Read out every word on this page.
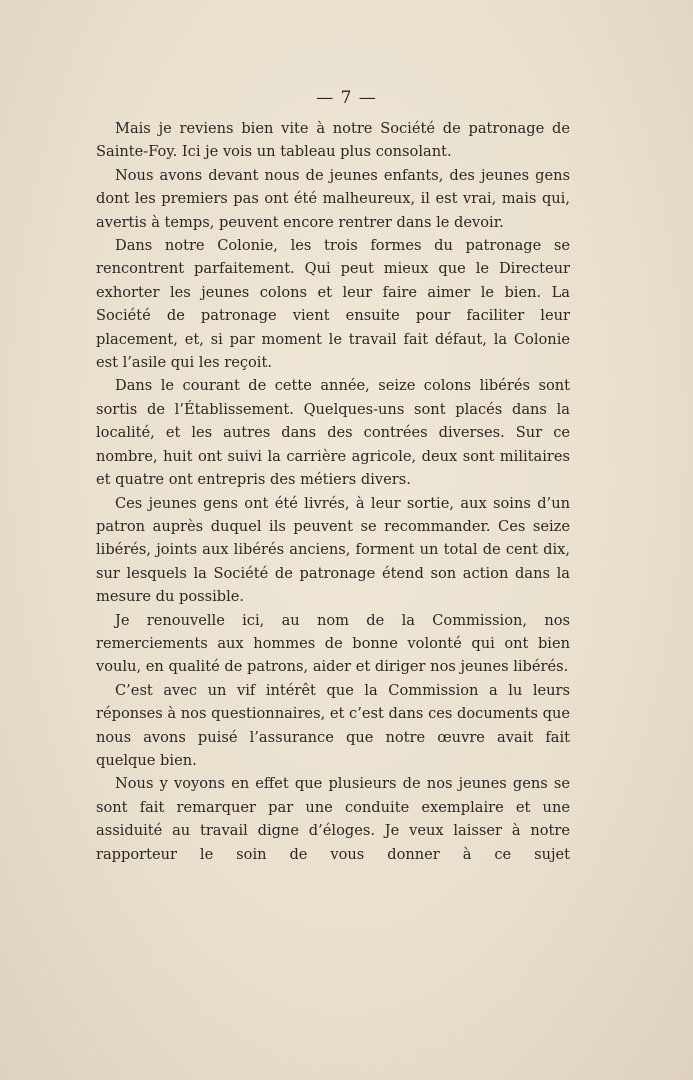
— 7 —

Mais je reviens bien vite à notre Société de patronage de Sainte-Foy. Ici je vois un tableau plus consolant.

Nous avons devant nous de jeunes enfants, des jeunes gens dont les premiers pas ont été malheureux, il est vrai, mais qui, avertis à temps, peuvent encore rentrer dans le devoir.

Dans notre Colonie, les trois formes du patronage se rencontrent parfaitement. Qui peut mieux que le Directeur exhorter les jeunes colons et leur faire aimer le bien. La Société de patronage vient ensuite pour faciliter leur placement, et, si par moment le travail fait défaut, la Colonie est l’asile qui les reçoit.

Dans le courant de cette année, seize colons libérés sont sortis de l’Établissement. Quelques-uns sont placés dans la localité, et les autres dans des contrées diverses. Sur ce nombre, huit ont suivi la carrière agricole, deux sont militaires et quatre ont entrepris des métiers divers.

Ces jeunes gens ont été livrés, à leur sortie, aux soins d’un patron auprès duquel ils peuvent se recommander. Ces seize libérés, joints aux libérés anciens, forment un total de cent dix, sur lesquels la Société de patronage étend son action dans la mesure du possible.

Je renouvelle ici, au nom de la Commission, nos remerciements aux hommes de bonne volonté qui ont bien voulu, en qualité de patrons, aider et diriger nos jeunes libérés.

C’est avec un vif intérêt que la Commission a lu leurs réponses à nos questionnaires, et c’est dans ces documents que nous avons puisé l’assurance que notre œuvre avait fait quelque bien.

Nous y voyons en effet que plusieurs de nos jeunes gens se sont fait remarquer par une conduite exemplaire et une assiduité au travail digne d’éloges. Je veux laisser à notre rapporteur le soin de vous donner à ce sujet
